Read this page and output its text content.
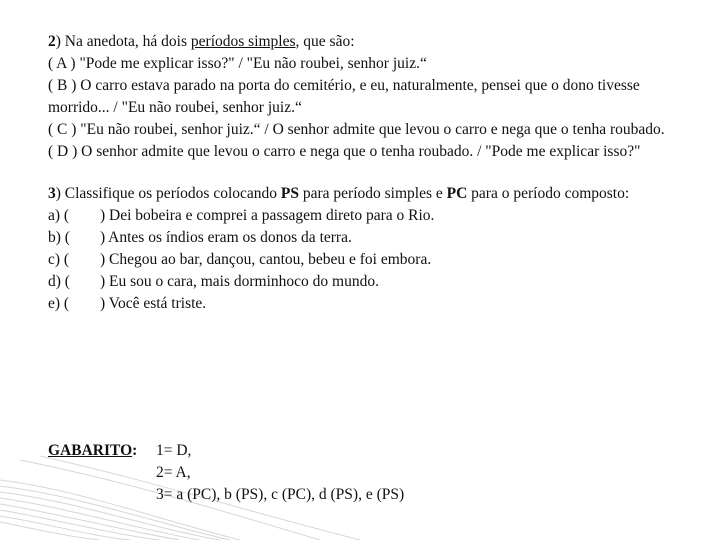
2) Na anedota, há dois períodos simples, que são:
( A ) "Pode me explicar isso?" / "Eu não roubei, senhor juiz.“
( B ) O carro estava parado na porta do cemitério, e eu, naturalmente, pensei que o dono tivesse morrido... / "Eu não roubei, senhor juiz.“
( C ) "Eu não roubei, senhor juiz.“ / O senhor admite que levou o carro e nega que o tenha roubado.
( D ) O senhor admite que levou o carro e nega que o tenha roubado. / "Pode me explicar isso?"
3) Classifique os períodos colocando PS para período simples e PC para o período composto:
a) (	) Dei bobeira e comprei a passagem direto para o Rio.
b) (	) Antes os índios eram os donos da terra.
c) (	) Chegou ao bar, dançou, cantou, bebeu e foi embora.
d) (	) Eu sou o cara, mais dorminhoco do mundo.
e) (	) Você está triste.
GABARITO:	1= D,
2= A,
3= a (PC), b (PS), c (PC), d (PS), e (PS)
